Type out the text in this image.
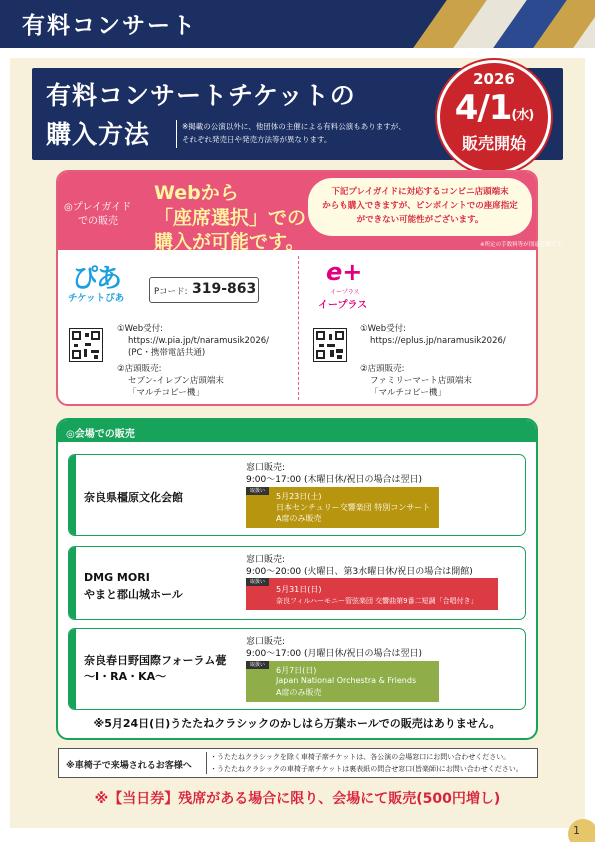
有料コンサート
有料コンサートチケットの
購入方法	※掲載の公演以外に、他団体の主催による有料公演もありますが、
それぞれ発売日や発売方法等が異なります。
2026
4/1(水)
販売開始
◎プレイガイド
での販売
Webから
「座席選択」での
購入が可能です。
下記プレイガイドに対応するコンビニ店頭端末
からも購入できますが、ピンポイントでの座席指定
ができない可能性がございます。
※所定の手数料等が別途必要です。
ぴあ
チケットぴあ
Pコード: 319-863
①Web受付:
https://w.pia.jp/t/naramusik2026/
(PC・携帯電話共通)
②店頭販売:
セブン-イレブン店頭端末
「マルチコピー機」
e+
イープラス
イープラス
①Web受付:
https://eplus.jp/naramusik2026/
②店頭販売:
ファミリーマート店頭端末
「マルチコピー機」
◎会場での販売
奈良県橿原文化会館
窓口販売:
9:00～17:00 (木曜日休/祝日の場合は翌日)
取扱い
5月23日(土)
日本センチュリー交響楽団 特別コンサート
A席のみ販売
DMG MORI
やまと郡山城ホール
窓口販売:
9:00～20:00 (火曜日、第3水曜日休/祝日の場合は開館)
取扱い
5月31日(日)
奈良フィルハーモニー管弦楽団 交響曲第9番二短調「合唱付き」
奈良春日野国際フォーラム甍
～I・RA・KA～
窓口販売:
9:00～17:00 (月曜日休/祝日の場合は翌日)
取扱い
6月7日(日)
Japan National Orchestra & Friends
A席のみ販売
※5月24日(日)うたたねクラシックのかしはら万葉ホールでの販売はありません。
※車椅子で来場されるお客様へ
・うたたねクラシックを除く車椅子席チケットは、各公演の会場窓口にお問い合わせください。
・うたたねクラシックの車椅子席チケットは裏表紙の問合せ窓口(皆楽師)にお問い合わせください。
※【当日券】残席がある場合に限り、会場にて販売(500円増し)
1
